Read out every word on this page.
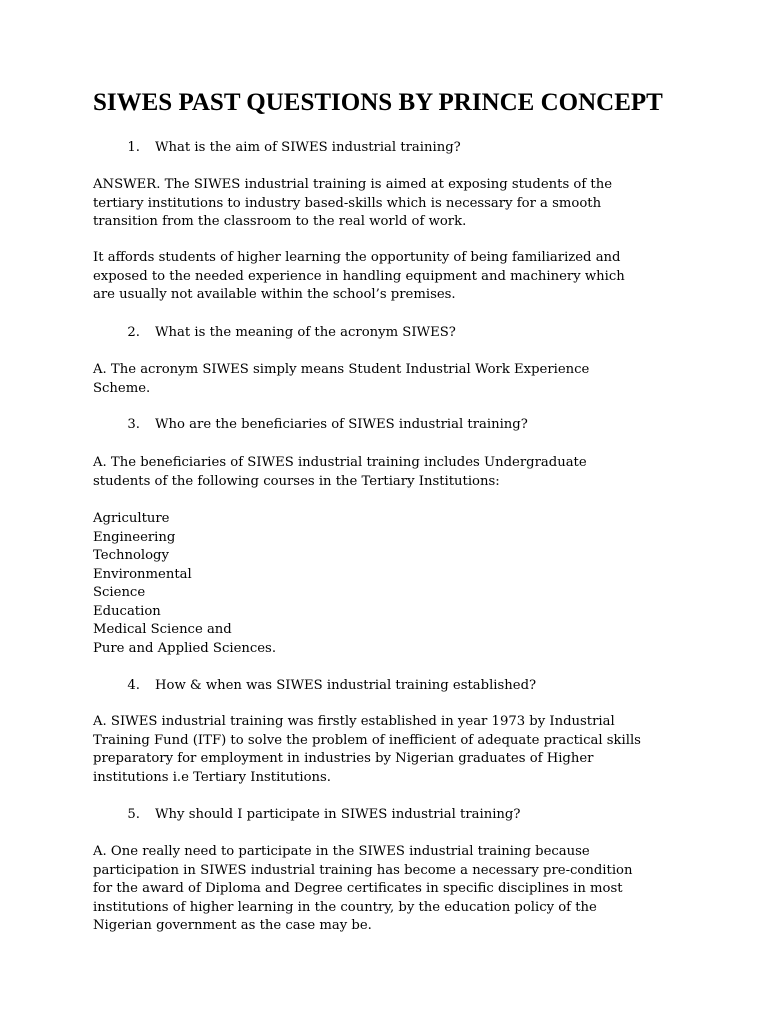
SIWES PAST QUESTIONS BY PRINCE CONCEPT
1. What is the aim of SIWES industrial training?
ANSWER. The SIWES industrial training is aimed at exposing students of the
tertiary institutions to industry based-skills which is necessary for a smooth
transition from the classroom to the real world of work.
It affords students of higher learning the opportunity of being familiarized and
exposed to the needed experience in handling equipment and machinery which
are usually not available within the school’s premises.
2. What is the meaning of the acronym SIWES?
A. The acronym SIWES simply means Student Industrial Work Experience
Scheme.
3. Who are the beneficiaries of SIWES industrial training?
A. The beneficiaries of SIWES industrial training includes Undergraduate
students of the following courses in the Tertiary Institutions:
Agriculture
Engineering
Technology
Environmental
Science
Education
Medical Science and
Pure and Applied Sciences.
4. How & when was SIWES industrial training established?
A. SIWES industrial training was firstly established in year 1973 by Industrial
Training Fund (ITF) to solve the problem of inefficient of adequate practical skills
preparatory for employment in industries by Nigerian graduates of Higher
institutions i.e Tertiary Institutions.
5. Why should I participate in SIWES industrial training?
A. One really need to participate in the SIWES industrial training because
participation in SIWES industrial training has become a necessary pre-condition
for the award of Diploma and Degree certificates in specific disciplines in most
institutions of higher learning in the country, by the education policy of the
Nigerian government as the case may be.
